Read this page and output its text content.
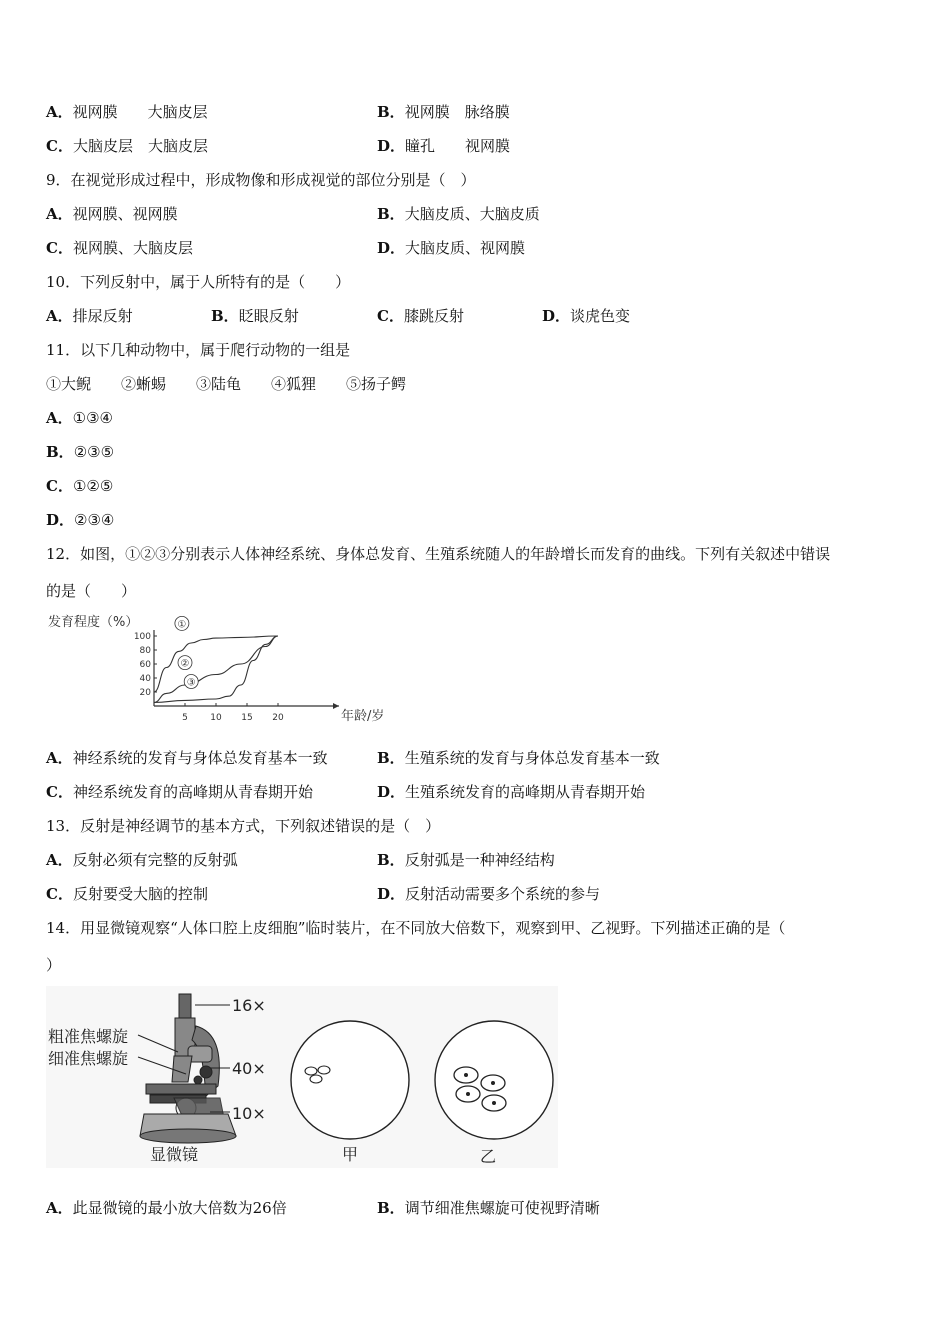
A．视网膜　　大脑皮层	B．视网膜　脉络膜
C．大脑皮层　大脑皮层	D．瞳孔　　视网膜
9．在视觉形成过程中，形成物像和形成视觉的部位分别是（　）
A．视网膜、视网膜	B．大脑皮质、大脑皮质
C．视网膜、大脑皮层	D．大脑皮质、视网膜
10．下列反射中，属于人所特有的是（　　）
A．排尿反射	B．眨眼反射	C．膝跳反射	D．谈虎色变
11．以下几种动物中，属于爬行动物的一组是
①大鲵　　②蜥蜴　　③陆龟　　④狐狸　　⑤扬子鳄
A．①③④
B．②③⑤
C．①②⑤
D．②③④
12．如图，①②③分别表示人体神经系统、身体总发育、生殖系统随人的年龄增长而发育的曲线。下列有关叙述中错误
的是（　　）
发育程度（%）
20
40
60
80
100
5 10 15 20	年龄/岁
①
②
③
A．神经系统的发育与身体总发育基本一致	B．生殖系统的发育与身体总发育基本一致
C．神经系统发育的高峰期从青春期开始	D．生殖系统发育的高峰期从青春期开始
13．反射是神经调节的基本方式，下列叙述错误的是（　）
A．反射必须有完整的反射弧	B．反射弧是一种神经结构
C．反射要受大脑的控制	D．反射活动需要多个系统的参与
14．用显微镜观察“人体口腔上皮细胞”临时装片，在不同放大倍数下，观察到甲、乙视野。下列描述正确的是（
）
16×
40×
10×
粗准焦螺旋
细准焦螺旋
显微镜	甲	乙
A．此显微镜的最小放大倍数为26倍	B．调节细准焦螺旋可使视野清晰
